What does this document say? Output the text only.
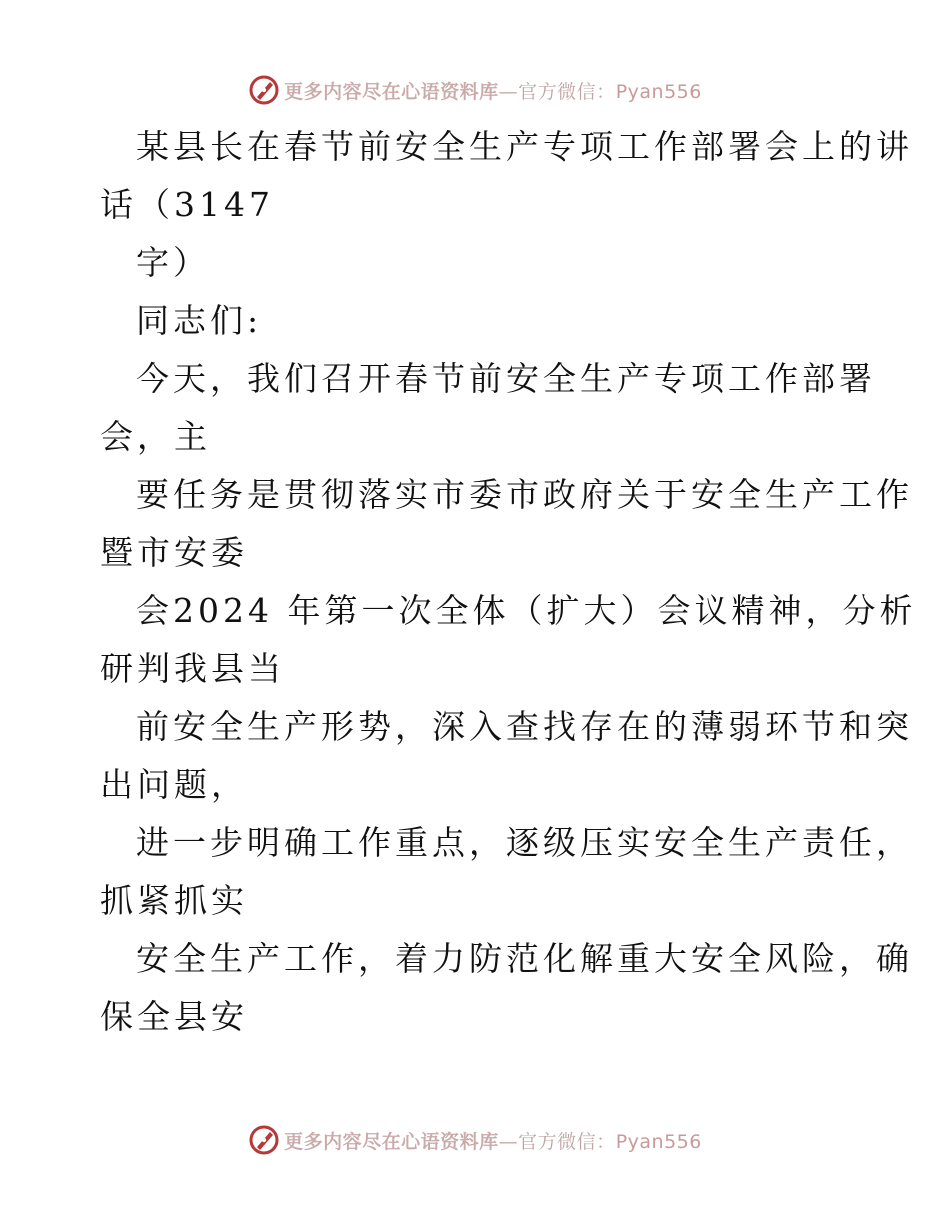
更多内容尽在心语资料库—官方微信：Pyan556
某县长在春节前安全生产专项工作部署会上的讲
话（3147
字）
同志们:
今天，我们召开春节前安全生产专项工作部署
会，主
要任务是贯彻落实市委市政府关于安全生产工作
暨市安委
会2024 年第一次全体（扩大）会议精神，分析
研判我县当
前安全生产形势，深入查找存在的薄弱环节和突
出问题，
进一步明确工作重点，逐级压实安全生产责任，
抓紧抓实
安全生产工作，着力防范化解重大安全风险，确
保全县安
更多内容尽在心语资料库—官方微信：Pyan556
